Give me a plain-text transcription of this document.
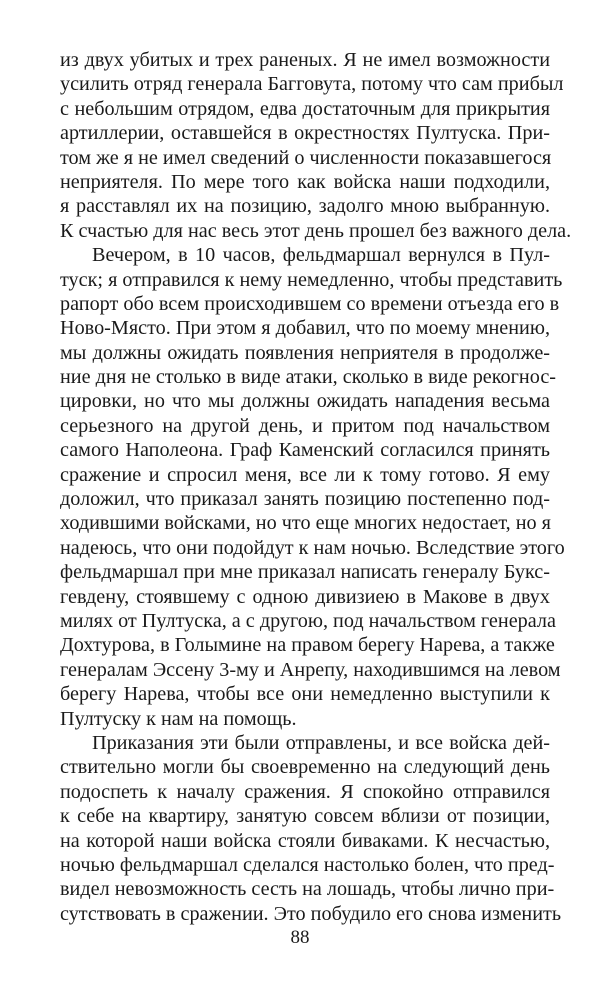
из двух убитых и трех раненых. Я не имел возможности
усилить отряд генерала Багговута, потому что сам прибыл
с небольшим отрядом, едва достаточным для прикрытия
артиллерии, оставшейся в окрестностях Пултуска. При-
том же я не имел сведений о численности показавшегося
неприятеля. По мере того как войска наши подходили,
я расставлял их на позицию, задолго мною выбранную.
К счастью для нас весь этот день прошел без важного дела.
Вечером, в 10 часов, фельдмаршал вернулся в Пул-
туск; я отправился к нему немедленно, чтобы представить
рапорт обо всем происходившем со времени отъезда его в
Ново-Място. При этом я добавил, что по моему мнению,
мы должны ожидать появления неприятеля в продолже-
ние дня не столько в виде атаки, сколько в виде рекогнос-
цировки, но что мы должны ожидать нападения весьма
серьезного на другой день, и притом под начальством
самого Наполеона. Граф Каменский согласился принять
сражение и спросил меня, все ли к тому готово. Я ему
доложил, что приказал занять позицию постепенно под-
ходившими войсками, но что еще многих недостает, но я
надеюсь, что они подойдут к нам ночью. Вследствие этого
фельдмаршал при мне приказал написать генералу Букс-
гевдену, стоявшему с одною дивизиею в Макове в двух
милях от Пултуска, а с другою, под начальством генерала
Дохтурова, в Голымине на правом берегу Нарева, а также
генералам Эссену 3-му и Анрепу, находившимся на левом
берегу Нарева, чтобы все они немедленно выступили к
Пултуску к нам на помощь.
Приказания эти были отправлены, и все войска дей-
ствительно могли бы своевременно на следующий день
подоспеть к началу сражения. Я спокойно отправился
к себе на квартиру, занятую совсем вблизи от позиции,
на которой наши войска стояли бивaками. К несчастью,
ночью фельдмаршал сделался настолько болен, что пред-
видел невозможность сесть на лошадь, чтобы лично при-
сутствовать в сражении. Это побудило его снова изменить
88
